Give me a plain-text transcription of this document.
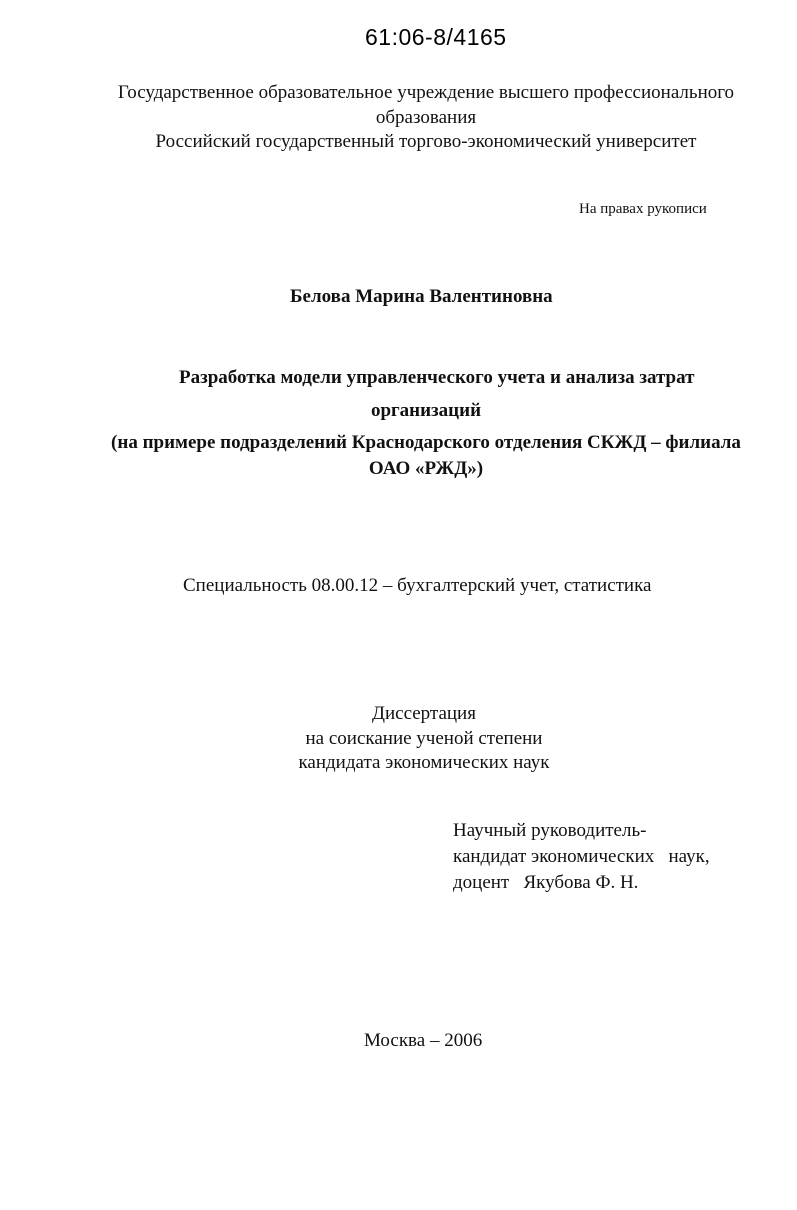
61:06-8/4165
Государственное образовательное учреждение высшего профессионального
образования
Российский государственный торгово-экономический университет
На правах рукописи
Белова Марина Валентиновна
Разработка модели управленческого учета и анализа затрат
организаций
(на примере подразделений Краснодарского отделения СКЖД – филиала
ОАО «РЖД»)
Специальность 08.00.12 – бухгалтерский учет, статистика
Диссертация
на соискание ученой степени
кандидата экономических наук
Научный руководитель-
кандидат экономических   наук,
доцент   Якубова Ф. Н.
Москва – 2006
